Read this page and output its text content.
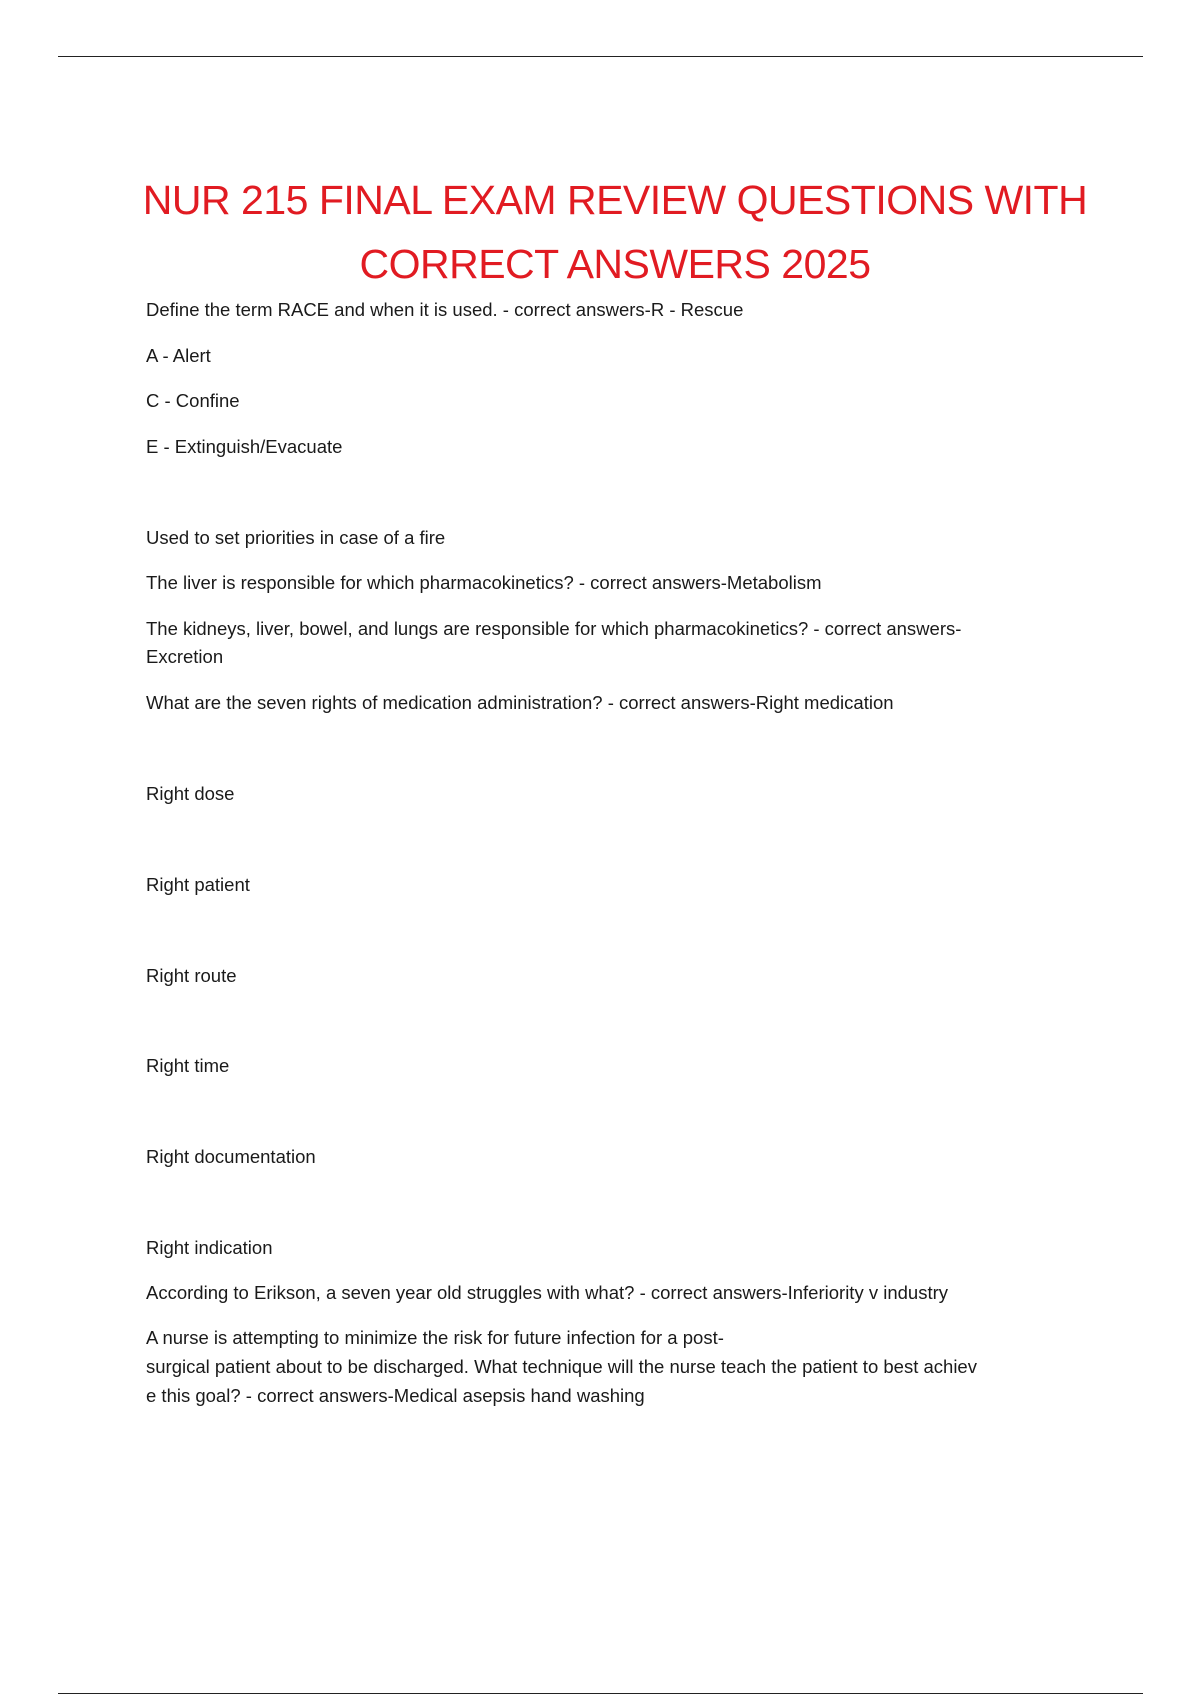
NUR 215 FINAL EXAM REVIEW QUESTIONS WITH
CORRECT ANSWERS 2025

Define the term RACE and when it is used. - correct answers-R - Rescue

A - Alert

C - Confine

E - Extinguish/Evacuate

Used to set priorities in case of a fire

The liver is responsible for which pharmacokinetics? - correct answers-Metabolism

The kidneys, liver, bowel, and lungs are responsible for which pharmacokinetics? - correct answers-

Excretion

What are the seven rights of medication administration? - correct answers-Right medication

Right dose

Right patient

Right route

Right time

Right documentation

Right indication

According to Erikson, a seven year old struggles with what? - correct answers-Inferiority v industry

A nurse is attempting to minimize the risk for future infection for a post-

surgical patient about to be discharged. What technique will the nurse teach the patient to best achiev

e this goal? - correct answers-Medical asepsis hand washing
